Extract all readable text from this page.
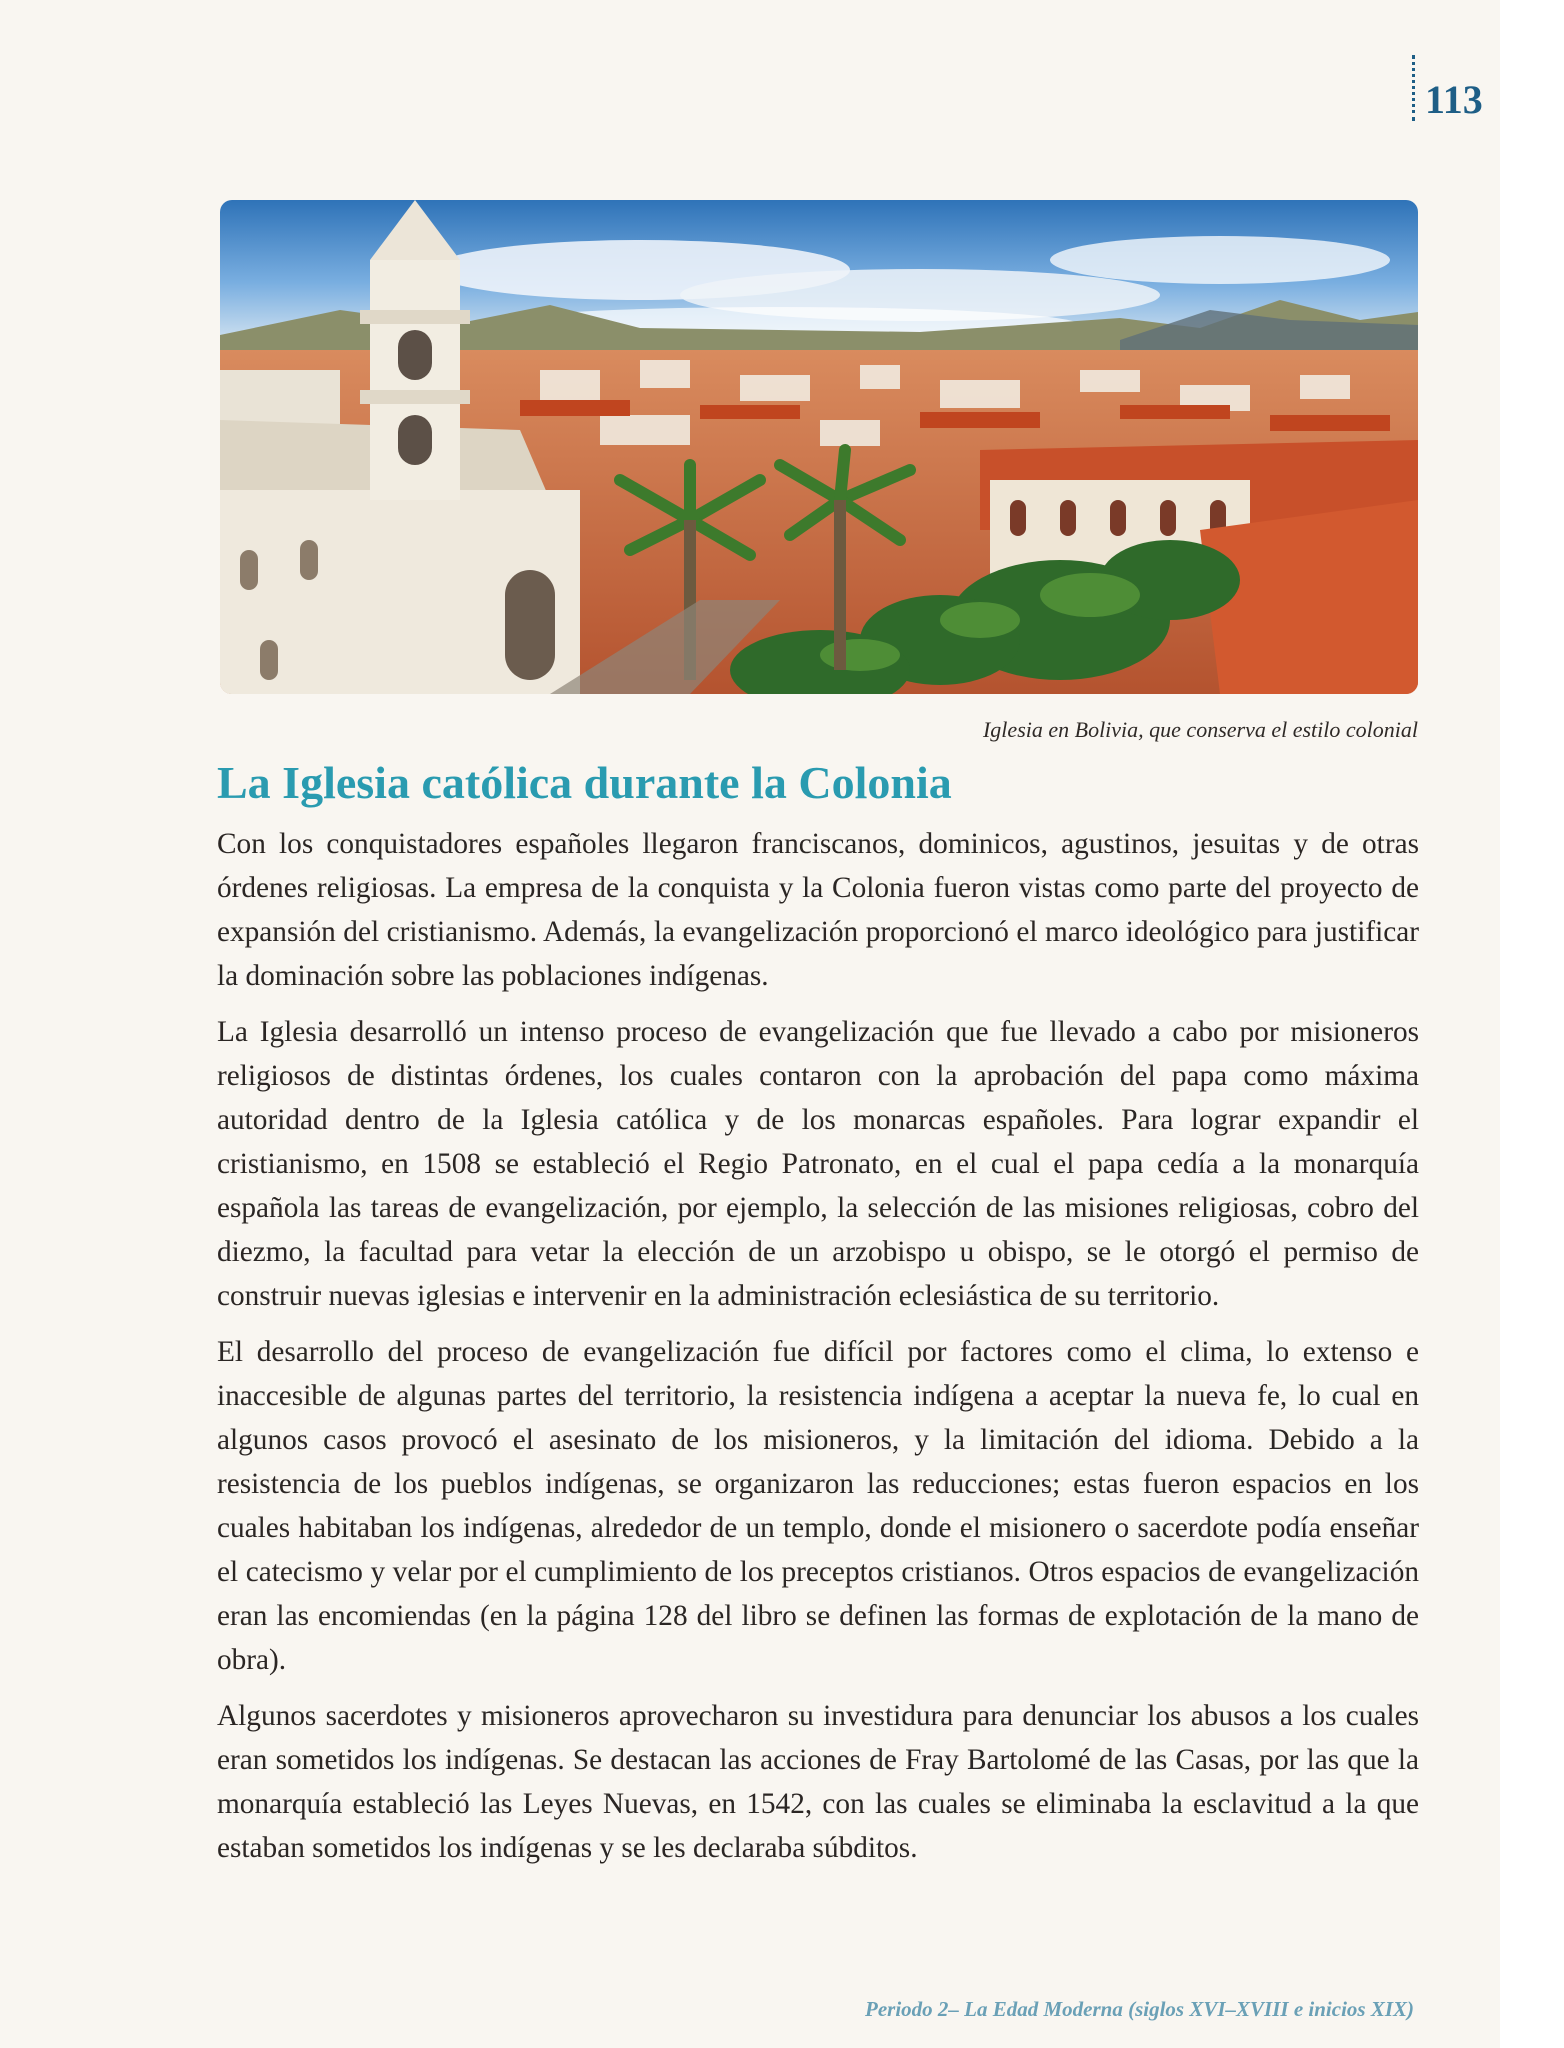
113
Iglesia en Bolivia, que conserva el estilo colonial
La Iglesia católica durante la Colonia

Con los conquistadores españoles llegaron franciscanos, dominicos, agustinos, jesuitas y de otras órdenes religiosas. La empresa de la conquista y la Colonia fueron vistas como parte del proyecto de expansión del cristianismo. Además, la evangelización proporcionó el marco ideológico para justificar la dominación sobre las poblaciones indígenas.

La Iglesia desarrolló un intenso proceso de evangelización que fue llevado a cabo por misioneros religiosos de distintas órdenes, los cuales contaron con la aprobación del papa como máxima autoridad dentro de la Iglesia católica y de los monarcas españoles. Para lograr expandir el cristianismo, en 1508 se estableció el Regio Patronato, en el cual el papa cedía a la monarquía española las tareas de evangelización, por ejemplo, la selección de las misiones religiosas, cobro del diezmo, la facultad para vetar la elección de un arzobispo u obispo, se le otorgó el permiso de construir nuevas iglesias e intervenir en la administración eclesiástica de su territorio.

El desarrollo del proceso de evangelización fue difícil por factores como el clima, lo extenso e inaccesible de algunas partes del territorio, la resistencia indígena a aceptar la nueva fe, lo cual en algunos casos provocó el asesinato de los misioneros, y la limitación del idioma. Debido a la resistencia de los pueblos indígenas, se organizaron las reducciones; estas fueron espacios en los cuales habitaban los indígenas, alrededor de un templo, donde el misionero o sacerdote podía enseñar el catecismo y velar por el cumplimiento de los preceptos cristianos. Otros espacios de evangelización eran las encomiendas (en la página 128 del libro se definen las formas de explotación de la mano de obra).

Algunos sacerdotes y misioneros aprovecharon su investidura para denunciar los abusos a los cuales eran sometidos los indígenas. Se destacan las acciones de Fray Bartolomé de las Casas, por las que la monarquía estableció las Leyes Nuevas, en 1542, con las cuales se eliminaba la esclavitud a la que estaban sometidos los indígenas y se les declaraba súbditos.

Periodo 2– La Edad Moderna (siglos XVI–XVIII e inicios XIX)
